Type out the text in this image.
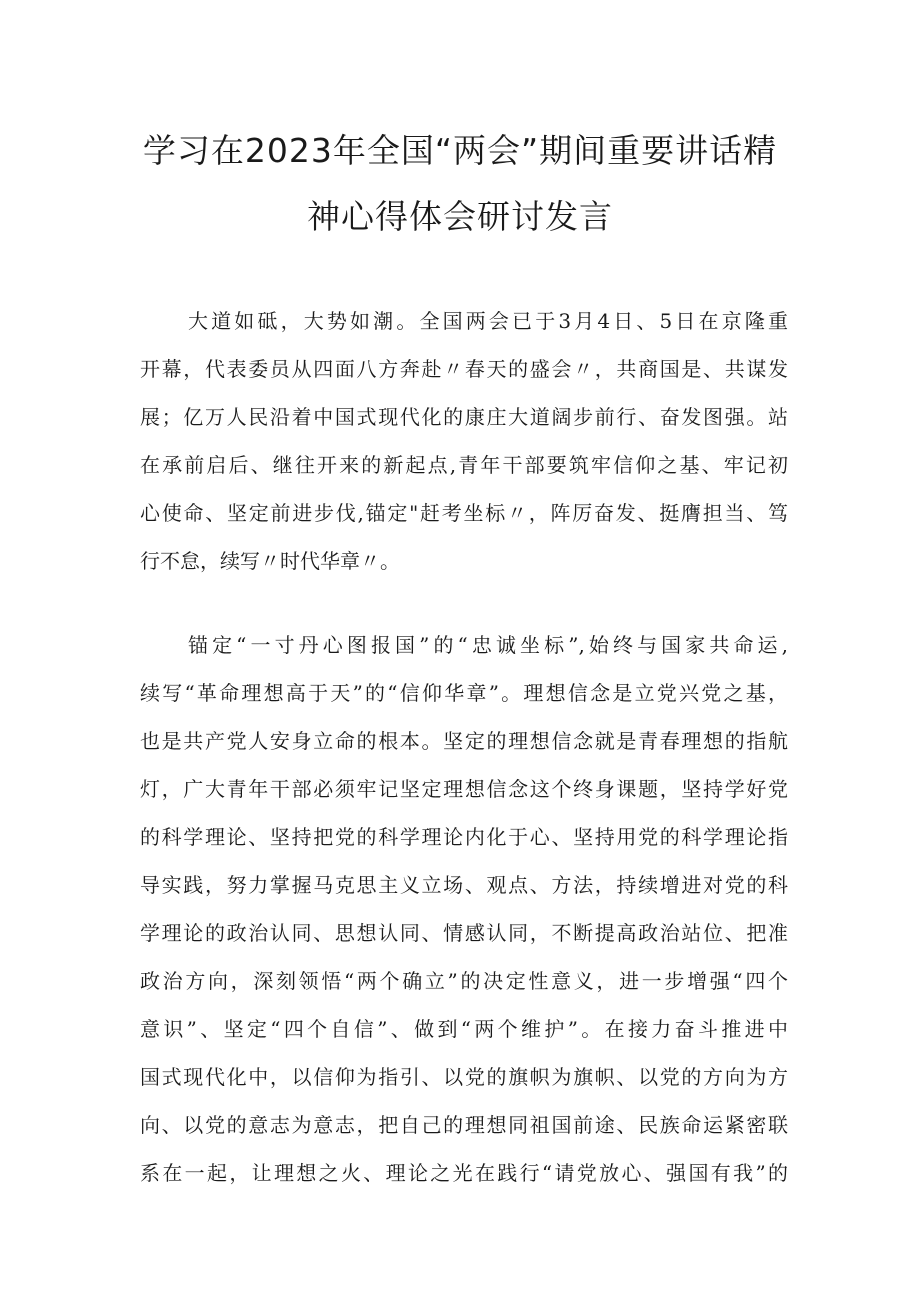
学习在2023年全国“两会”期间重要讲话精
神心得体会研讨发言

大道如砥，大势如潮。全国两会已于3月4日、5日在京隆重
开幕，代表委员从四面八方奔赴〃春天的盛会〃，共商国是、共谋发
展；亿万人民沿着中国式现代化的康庄大道阔步前行、奋发图强。站
在承前启后、继往开来的新起点,青年干部要筑牢信仰之基、牢记初
心使命、坚定前进步伐,锚定"赶考坐标〃，阵厉奋发、挺膺担当、笃
行不怠，续写〃时代华章〃。

锚定“一寸丹心图报国”的“忠诚坐标”,始终与国家共命运,
续写“革命理想高于天”的“信仰华章”。理想信念是立党兴党之基，
也是共产党人安身立命的根本。坚定的理想信念就是青春理想的指航
灯，广大青年干部必须牢记坚定理想信念这个终身课题，坚持学好党
的科学理论、坚持把党的科学理论内化于心、坚持用党的科学理论指
导实践，努力掌握马克思主义立场、观点、方法，持续增进对党的科
学理论的政治认同、思想认同、情感认同，不断提高政治站位、把准
政治方向，深刻领悟“两个确立”的决定性意义，进一步增强“四个
意识”、坚定“四个自信”、做到“两个维护”。在接力奋斗推进中
国式现代化中，以信仰为指引、以党的旗帜为旗帜、以党的方向为方
向、以党的意志为意志，把自己的理想同祖国前途、民族命运紧密联
系在一起，让理想之火、理论之光在践行“请党放心、强国有我”的
